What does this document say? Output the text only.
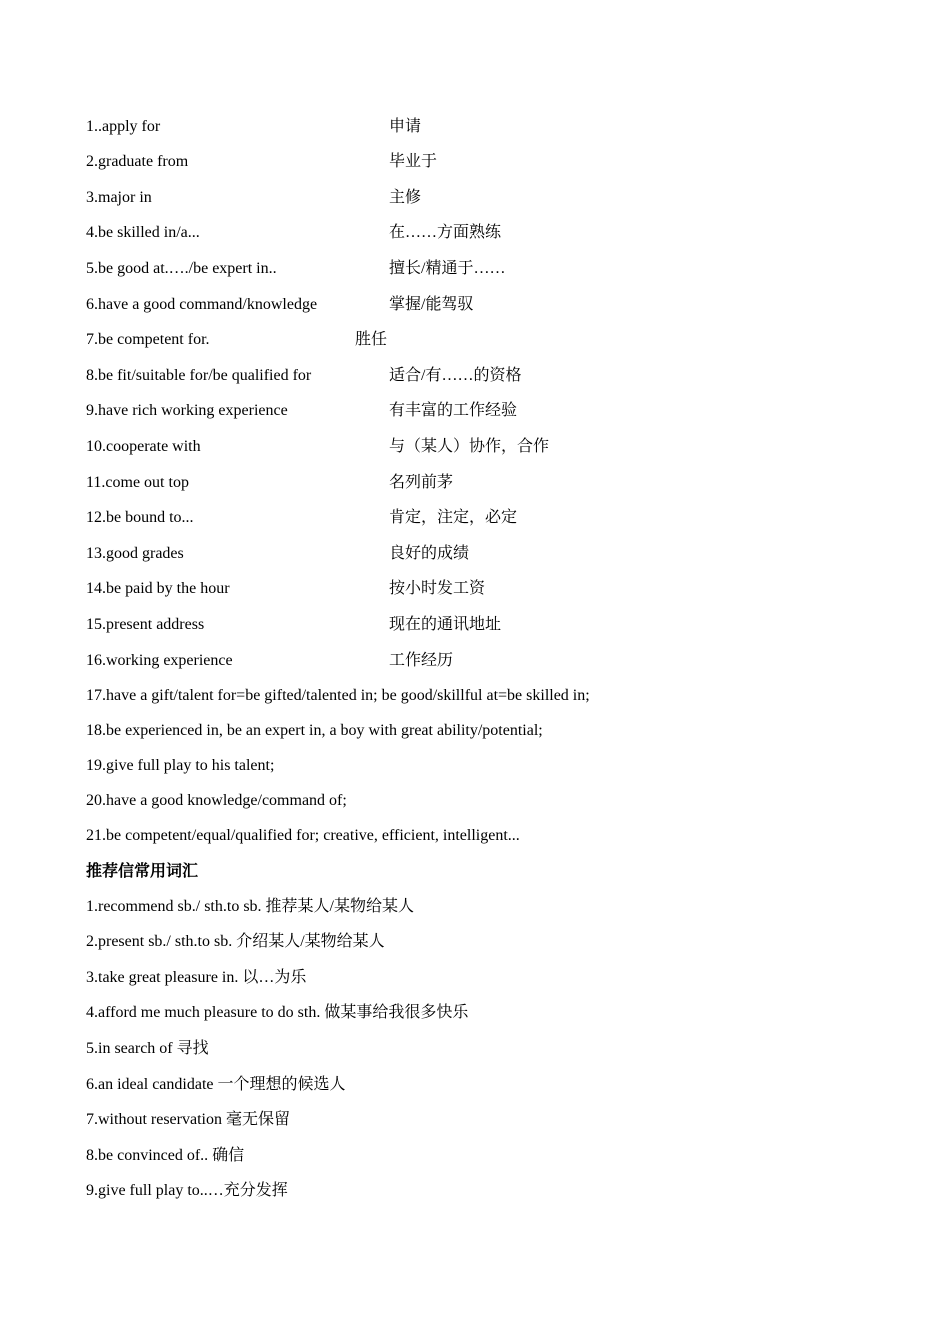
1..apply for	申请
2.graduate from	毕业于
3.major in	主修
4.be skilled in/a...	在……方面熟练
5.be good at.…./be expert in..	擅长/精通于……
6.have a good command/knowledge	掌握/能驾驭
7.be competent for.	胜任
8.be fit/suitable for/be qualified for	适合/有……的资格
9.have rich working experience	有丰富的工作经验
10.cooperate with	与（某人）协作，合作
11.come out top	名列前茅
12.be bound to...	肯定，注定，必定
13.good grades	良好的成绩
14.be paid by the hour	按小时发工资
15.present address	现在的通讯地址
16.working experience	工作经历
17.have a gift/talent for=be gifted/talented in; be good/skillful at=be skilled in;
18.be experienced in, be an expert in, a boy with great ability/potential;
19.give full play to his talent;
20.have a good knowledge/command of;
21.be competent/equal/qualified for; creative, efficient, intelligent...
推荐信常用词汇
1.recommend sb./ sth.to sb. 推荐某人/某物给某人
2.present sb./ sth.to sb. 介绍某人/某物给某人
3.take great pleasure in. 以…为乐
4.afford me much pleasure to do sth. 做某事给我很多快乐
5.in search of 寻找
6.an ideal candidate 一个理想的候选人
7.without reservation 毫无保留
8.be convinced of.. 确信
9.give full play to..…充分发挥
